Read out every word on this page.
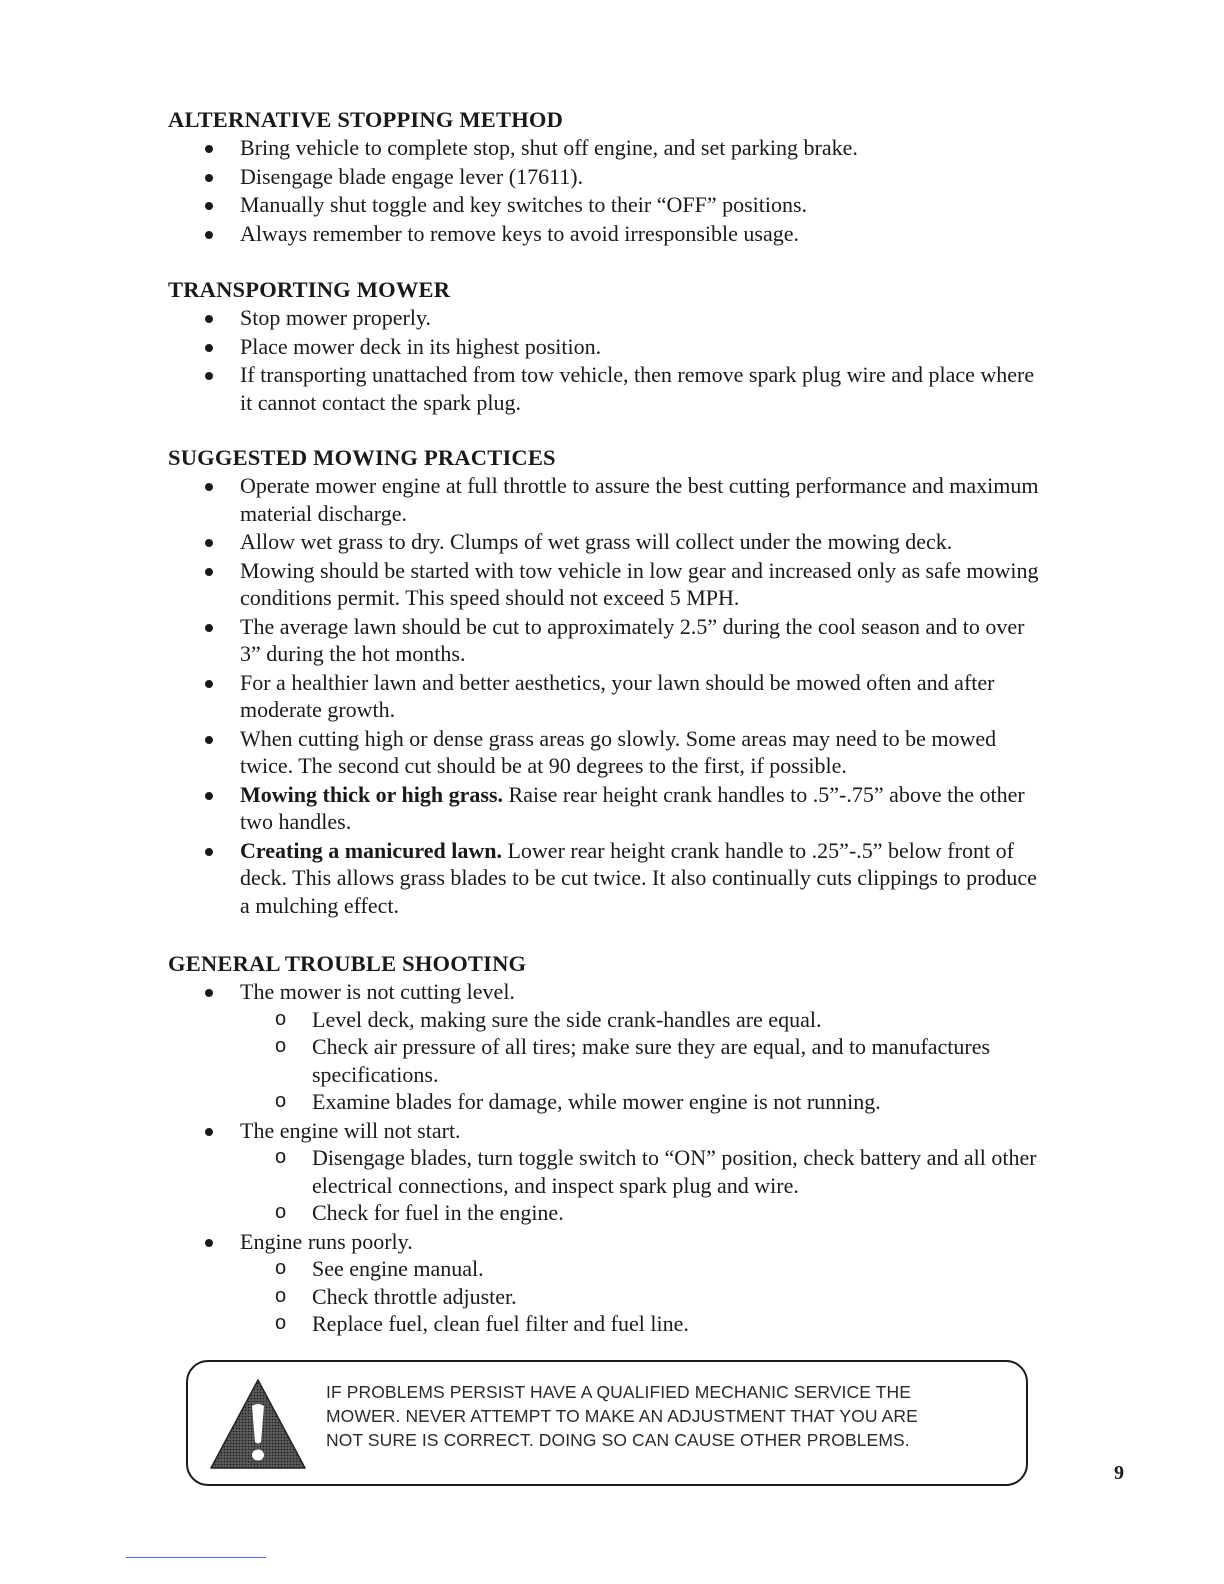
ALTERNATIVE STOPPING METHOD
Bring vehicle to complete stop, shut off engine, and set parking brake.
Disengage blade engage lever (17611).
Manually shut toggle and key switches to their “OFF” positions.
Always remember to remove keys to avoid irresponsible usage.
TRANSPORTING MOWER
Stop mower properly.
Place mower deck in its highest position.
If transporting unattached from tow vehicle, then remove spark plug wire and place where it cannot contact the spark plug.
SUGGESTED MOWING PRACTICES
Operate mower engine at full throttle to assure the best cutting performance and maximum material discharge.
Allow wet grass to dry. Clumps of wet grass will collect under the mowing deck.
Mowing should be started with tow vehicle in low gear and increased only as safe mowing conditions permit. This speed should not exceed 5 MPH.
The average lawn should be cut to approximately 2.5” during the cool season and to over 3” during the hot months.
For a healthier lawn and better aesthetics, your lawn should be mowed often and after moderate growth.
When cutting high or dense grass areas go slowly. Some areas may need to be mowed twice. The second cut should be at 90 degrees to the first, if possible.
Mowing thick or high grass. Raise rear height crank handles to .5”-.75” above the other two handles.
Creating a manicured lawn. Lower rear height crank handle to .25”-.5” below front of deck. This allows grass blades to be cut twice. It also continually cuts clippings to produce a mulching effect.
GENERAL TROUBLE SHOOTING
The mower is not cutting level.
o Level deck, making sure the side crank-handles are equal.
o Check air pressure of all tires; make sure they are equal, and to manufactures specifications.
o Examine blades for damage, while mower engine is not running.
The engine will not start.
o Disengage blades, turn toggle switch to “ON” position, check battery and all other electrical connections, and inspect spark plug and wire.
o Check for fuel in the engine.
Engine runs poorly.
o See engine manual.
o Check throttle adjuster.
o Replace fuel, clean fuel filter and fuel line.
IF PROBLEMS PERSIST HAVE A QUALIFIED MECHANIC SERVICE THE
MOWER. NEVER ATTEMPT TO MAKE AN ADJUSTMENT THAT YOU ARE
NOT SURE IS CORRECT. DOING SO CAN CAUSE OTHER PROBLEMS.
9
